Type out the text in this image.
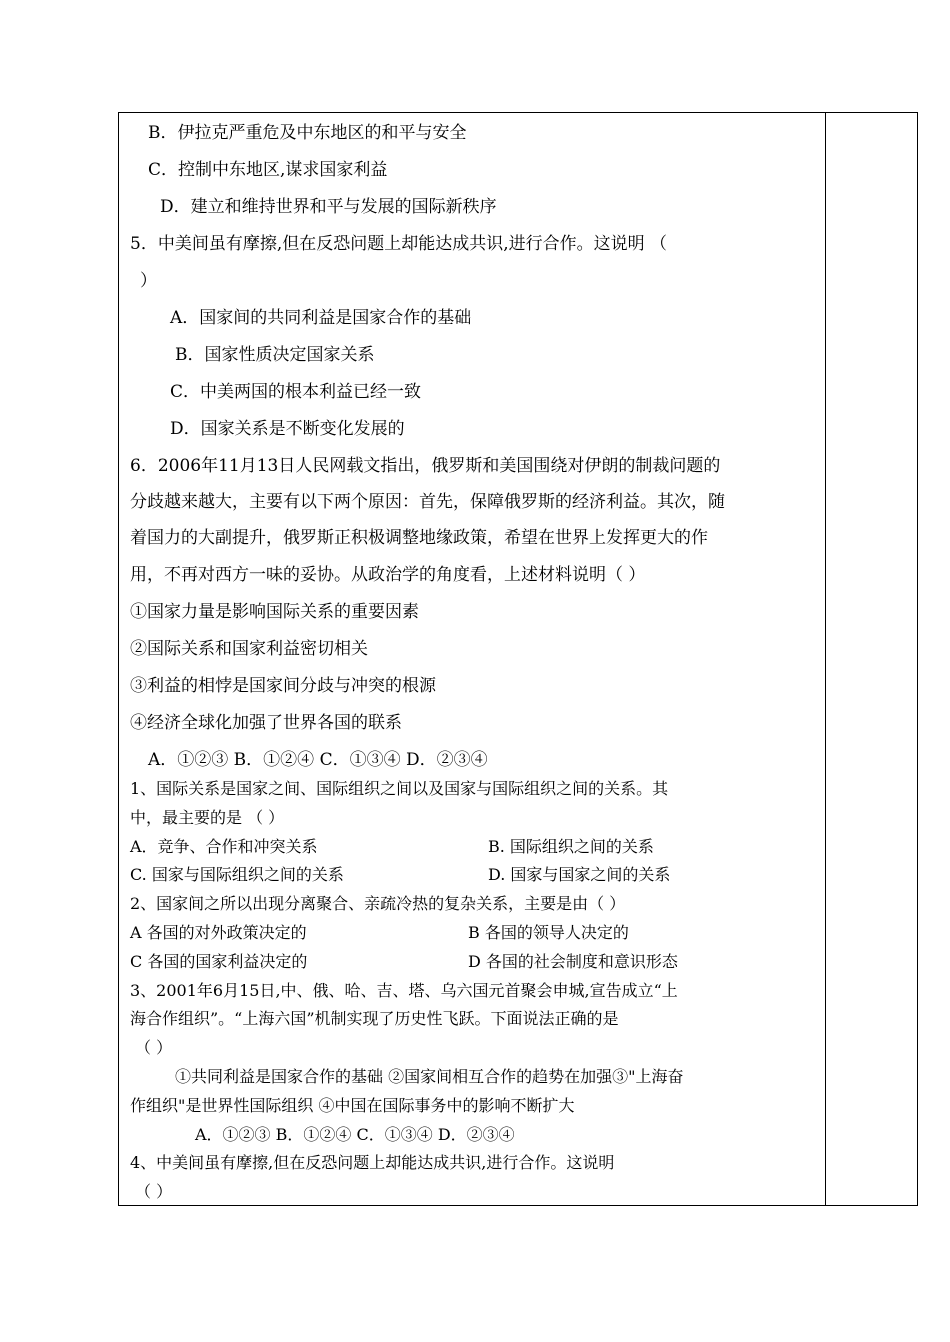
B．伊拉克严重危及中东地区的和平与安全
C．控制中东地区,谋求国家利益
D．建立和维持世界和平与发展的国际新秩序
5．中美间虽有摩擦,但在反恐问题上却能达成共识,进行合作。这说明 （
）
A．国家间的共同利益是国家合作的基础
B．国家性质决定国家关系
C．中美两国的根本利益已经一致
D．国家关系是不断变化发展的
6．2006年11月13日人民网载文指出，俄罗斯和美国围绕对伊朗的制裁问题的
分歧越来越大，主要有以下两个原因：首先，保障俄罗斯的经济利益。其次，随
着国力的大副提升，俄罗斯正积极调整地缘政策，希望在世界上发挥更大的作
用，不再对西方一味的妥协。从政治学的角度看，上述材料说明（ ）
①国家力量是影响国际关系的重要因素
②国际关系和国家利益密切相关
③利益的相悖是国家间分歧与冲突的根源
④经济全球化加强了世界各国的联系
A．①②③ B．①②④ C．①③④ D．②③④
1、国际关系是国家之间、国际组织之间以及国家与国际组织之间的关系。其
中，最主要的是 （ ）
A．竞争、合作和冲突关系	B. 国际组织之间的关系
C. 国家与国际组织之间的关系	D. 国家与国家之间的关系
2、国家间之所以出现分离聚合、亲疏冷热的复杂关系，主要是由（ ）
A 各国的对外政策决定的	B 各国的领导人决定的
C 各国的国家利益决定的	D 各国的社会制度和意识形态
3、2001年6月15日,中、俄、哈、吉、塔、乌六国元首聚会申城,宣告成立“上
海合作组织”。“上海六国”机制实现了历史性飞跃。下面说法正确的是
（ ）
①共同利益是国家合作的基础 ②国家间相互合作的趋势在加强③"上海奋
作组织"是世界性国际组织 ④中国在国际事务中的影响不断扩大
A．①②③ B．①②④ C．①③④ D．②③④
4、中美间虽有摩擦,但在反恐问题上却能达成共识,进行合作。这说明
（ ）
